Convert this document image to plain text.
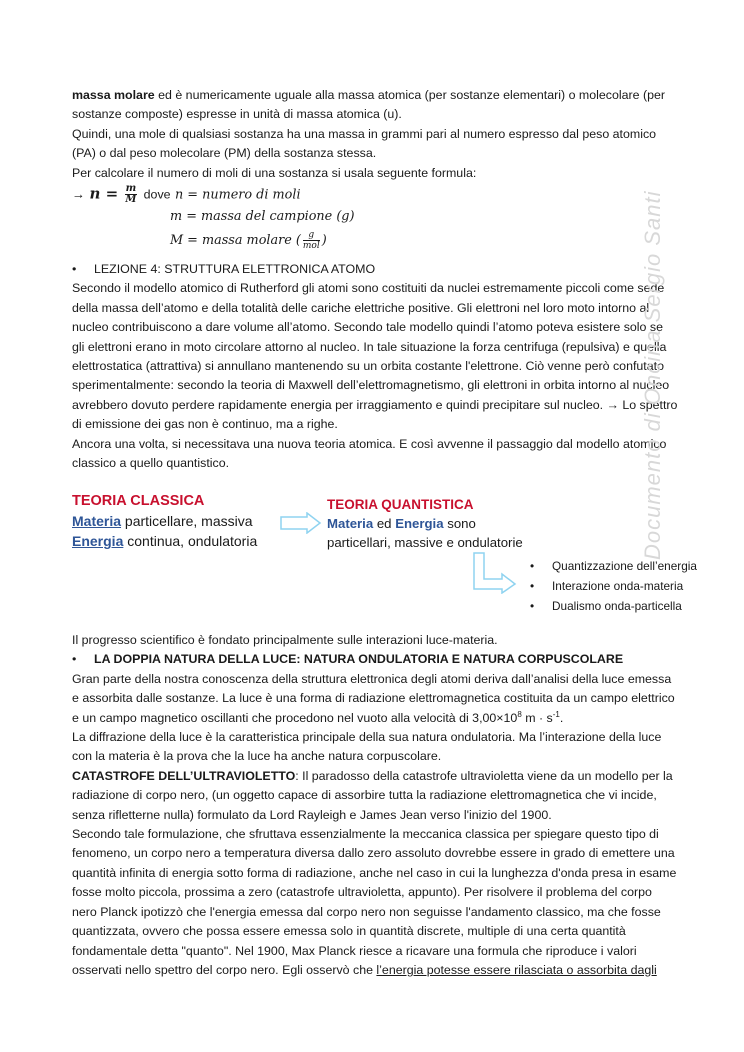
massa molare ed è numericamente uguale alla massa atomica (per sostanze elementari) o molecolare (per sostanze composte) espresse in unità di massa atomica (u).

Quindi, una mole di qualsiasi sostanza ha una massa in grammi pari al numero espresso dal peso atomico (PA) o dal peso molecolare (PM) della sostanza stessa.

Per calcolare il numero di moli di una sostanza si usala seguente formula:

→ $n = \frac{m}{M}$ dove n = numero di moli
m = massa del campione (g)
M = massa molare ( $\frac{g}{\text{mol}}$ )

• LEZIONE 4: STRUTTURA ELETTRONICA ATOMO

Secondo il modello atomico di Rutherford gli atomi sono costituiti da nuclei estremamente piccoli come sede della massa dell’atomo e della totalità delle cariche elettriche positive. Gli elettroni nel loro moto intorno al nucleo contribuiscono a dare volume all’atomo. Secondo tale modello quindi l’atomo poteva esistere solo se gli elettroni erano in moto circolare attorno al nucleo. In tale situazione la forza centrifuga (repulsiva) e quella elettrostatica (attrattiva) si annullano mantenendo su un orbita costante l'elettrone. Ciò venne però confutato sperimentalmente: secondo la teoria di Maxwell dell’elettromagnetismo, gli elettroni in orbita intorno al nucleo avrebbero dovuto perdere rapidamente energia per irraggiamento e quindi precipitare sul nucleo. → Lo spettro di emissione dei gas non è continuo, ma a righe.

Ancora una volta, si necessitava una nuova teoria atomica. E così avvenne il passaggio dal modello atomico classico a quello quantistico.

TEORIA CLASSICA
Materia particellare, massiva
Energia continua, ondulatoria
TEORIA QUANTISTICA
Materia ed Energia sono
particellari, massive e ondulatorie
• Quantizzazione dell’energia
• Interazione onda-materia
• Dualismo onda-particella

Il progresso scientifico è fondato principalmente sulle interazioni luce-materia.

• LA DOPPIA NATURA DELLA LUCE: NATURA ONDULATORIA E NATURA CORPUSCOLARE

Gran parte della nostra conoscenza della struttura elettronica degli atomi deriva dall’analisi della luce emessa e assorbita dalle sostanze. La luce è una forma di radiazione elettromagnetica costituita da un campo elettrico e un campo magnetico oscillanti che procedono nel vuoto alla velocità di $3,00\times 10^8$ $m \cdot s^{-1}$.

La diffrazione della luce è la caratteristica principale della sua natura ondulatoria. Ma l’interazione della luce con la materia è la prova che la luce ha anche natura corpuscolare.

CATASTROFE DELL’ULTRAVIOLETTO: Il paradosso della catastrofe ultravioletta viene da un modello per la radiazione di corpo nero, (un oggetto capace di assorbire tutta la radiazione elettromagnetica che vi incide, senza rifletterne nulla) formulato da Lord Rayleigh e James Jean verso l'inizio del 1900.

Secondo tale formulazione, che sfruttava essenzialmente la meccanica classica per spiegare questo tipo di fenomeno, un corpo nero a temperatura diversa dallo zero assoluto dovrebbe essere in grado di emettere una quantità infinita di energia sotto forma di radiazione, anche nel caso in cui la lunghezza d'onda presa in esame fosse molto piccola, prossima a zero (catastrofe ultravioletta, appunto). Per risolvere il problema del corpo nero Planck ipotizzò che l'energia emessa dal corpo nero non seguisse l'andamento classico, ma che fosse quantizzata, ovvero che possa essere emessa solo in quantità discrete, multiple di una certa quantità fondamentale detta "quanto". Nel 1900, Max Planck riesce a ricavare una formula che riproduce i valori osservati nello spettro del corpo nero. Egli osservò che l’energia potesse essere rilasciata o assorbita dagli

Documento di Oncina Sergio Santi
